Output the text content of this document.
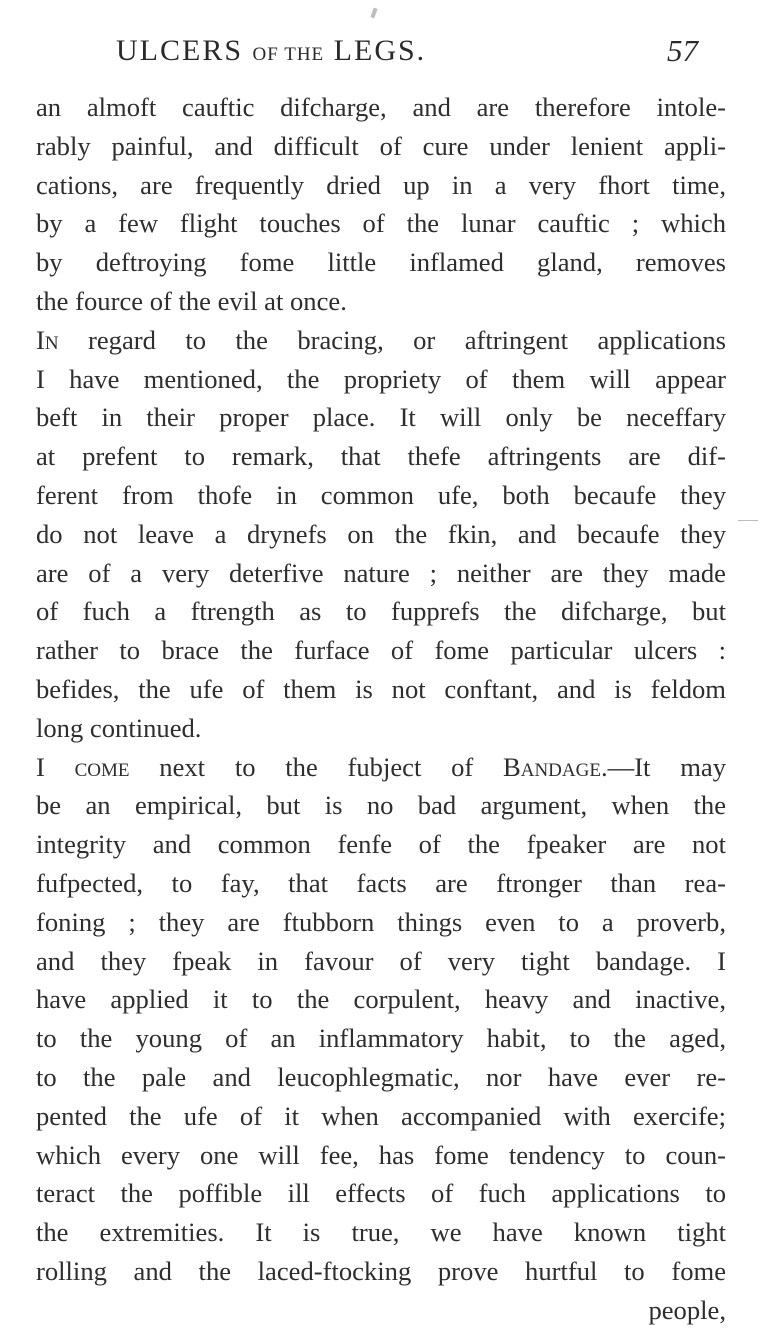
ULCERS OF THE LEGS.	57
an almoft cauftic difcharge, and are therefore intole-
rably painful, and difficult of cure under lenient appli-
cations, are frequently dried up in a very fhort time,
by a few flight touches of the lunar cauftic ; which
by deftroying fome little inflamed gland, removes
the fource of the evil at once.
In regard to the bracing, or aftringent applications
I have mentioned, the propriety of them will appear
beft in their proper place. It will only be neceffary
at prefent to remark, that thefe aftringents are dif-
ferent from thofe in common ufe, both becaufe they
do not leave a drynefs on the fkin, and becaufe they
are of a very deterfive nature ; neither are they made
of fuch a ftrength as to fupprefs the difcharge, but
rather to brace the furface of fome particular ulcers :
befides, the ufe of them is not conftant, and is feldom
long continued.
I come next to the fubject of Bandage.—It may
be an empirical, but is no bad argument, when the
integrity and common fenfe of the fpeaker are not
fufpected, to fay, that facts are ftronger than rea-
foning ; they are ftubborn things even to a proverb,
and they fpeak in favour of very tight bandage. I
have applied it to the corpulent, heavy and inactive,
to the young of an inflammatory habit, to the aged,
to the pale and leucophlegmatic, nor have ever re-
pented the ufe of it when accompanied with exercife;
which every one will fee, has fome tendency to coun-
teract the poffible ill effects of fuch applications to
the extremities. It is true, we have known tight
rolling and the laced-ftocking prove hurtful to fome
people,
